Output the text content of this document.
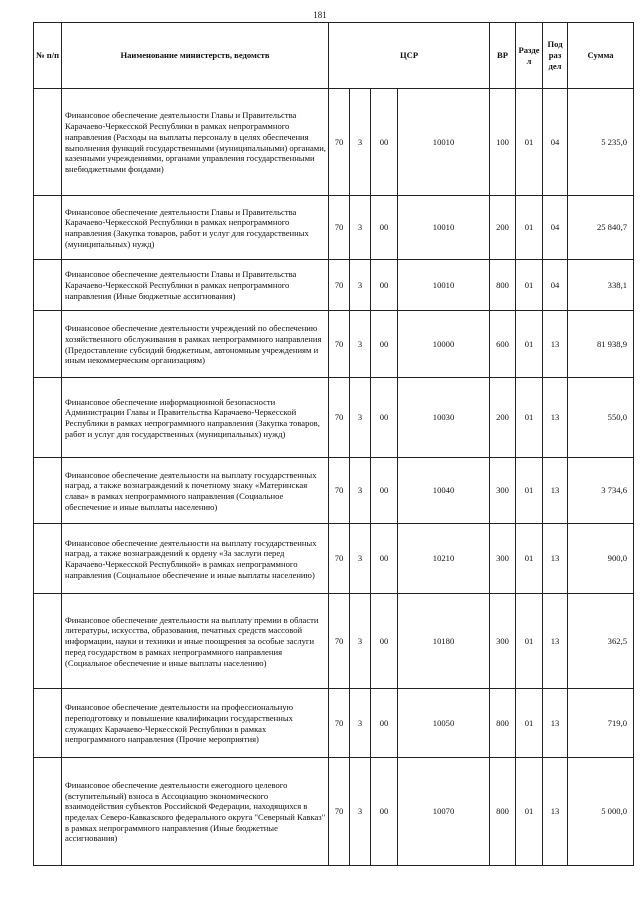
181
№ п/п	Наименование министерств, ведомств	ЦСР				ВР	Разде л	Под раз дел	Сумма
	Финансовое обеспечение деятельности Главы и Правительства Карачаево-Черкесской Республики в рамках непрограммного направления (Расходы на выплаты персоналу в целях обеспечения выполнения функций государственными (муниципальными) органами, казенными учреждениями, органами управления государственными внебюджетными фондами)	70	3	00	10010	100	01	04	5 235,0
	Финансовое обеспечение деятельности Главы и Правительства Карачаево-Черкесской Республики в рамках непрограммного направления (Закупка товаров, работ и услуг для государственных (муниципальных) нужд)	70	3	00	10010	200	01	04	25 840,7
	Финансовое обеспечение деятельности Главы и Правительства Карачаево-Черкесской Республики в рамках непрограммного направления (Иные бюджетные ассигнования)	70	3	00	10010	800	01	04	338,1
	Финансовое обеспечение деятельности учреждений по обеспечению хозяйственного обслуживания в рамках непрограммного направления (Предоставление субсидий бюджетным, автономным учреждениям и иным некоммерческим организациям)	70	3	00	10000	600	01	13	81 938,9
	Финансовое обеспечение информационной безопасности Администрации Главы и Правительства Карачаево-Черкесской Республики в рамках непрограммного направления (Закупка товаров, работ и услуг для государственных (муниципальных) нужд)	70	3	00	10030	200	01	13	550,0
	Финансовое обеспечение деятельности на выплату государственных наград, а также вознаграждений к почетному знаку «Материнская слава» в рамках непрограммного направления (Социальное обеспечение и иные выплаты населению)	70	3	00	10040	300	01	13	3 734,6
	Финансовое обеспечение деятельности на выплату государственных наград, а также вознаграждений к ордену «За заслуги перед Карачаево-Черкесской Республикой» в рамках непрограммного направления (Социальное обеспечение и иные выплаты населению)	70	3	00	10210	300	01	13	900,0
	Финансовое обеспечение деятельности на выплату премии в области литературы, искусства, образования, печатных средств массовой информации, науки и техники и иные поощрения за особые заслуги перед государством в рамках непрограммного направления (Социальное обеспечение и иные выплаты населению)	70	3	00	10180	300	01	13	362,5
	Финансовое обеспечение деятельности на профессиональную переподготовку и повышение квалификации государственных служащих Карачаево-Черкесской Республики в рамках непрограммного направления (Прочие мероприятия)	70	3	00	10050	800	01	13	719,0
	Финансовое обеспечение деятельности ежегодного целевого (вступительный) взноса в Ассоциацию экономического взаимодействия субъектов Российской Федерации, находящихся в пределах Северо-Кавказского федерального округа "Северный Кавказ" в рамках непрограммного направления (Иные бюджетные ассигнования)	70	3	00	10070	800	01	13	5 000,0
